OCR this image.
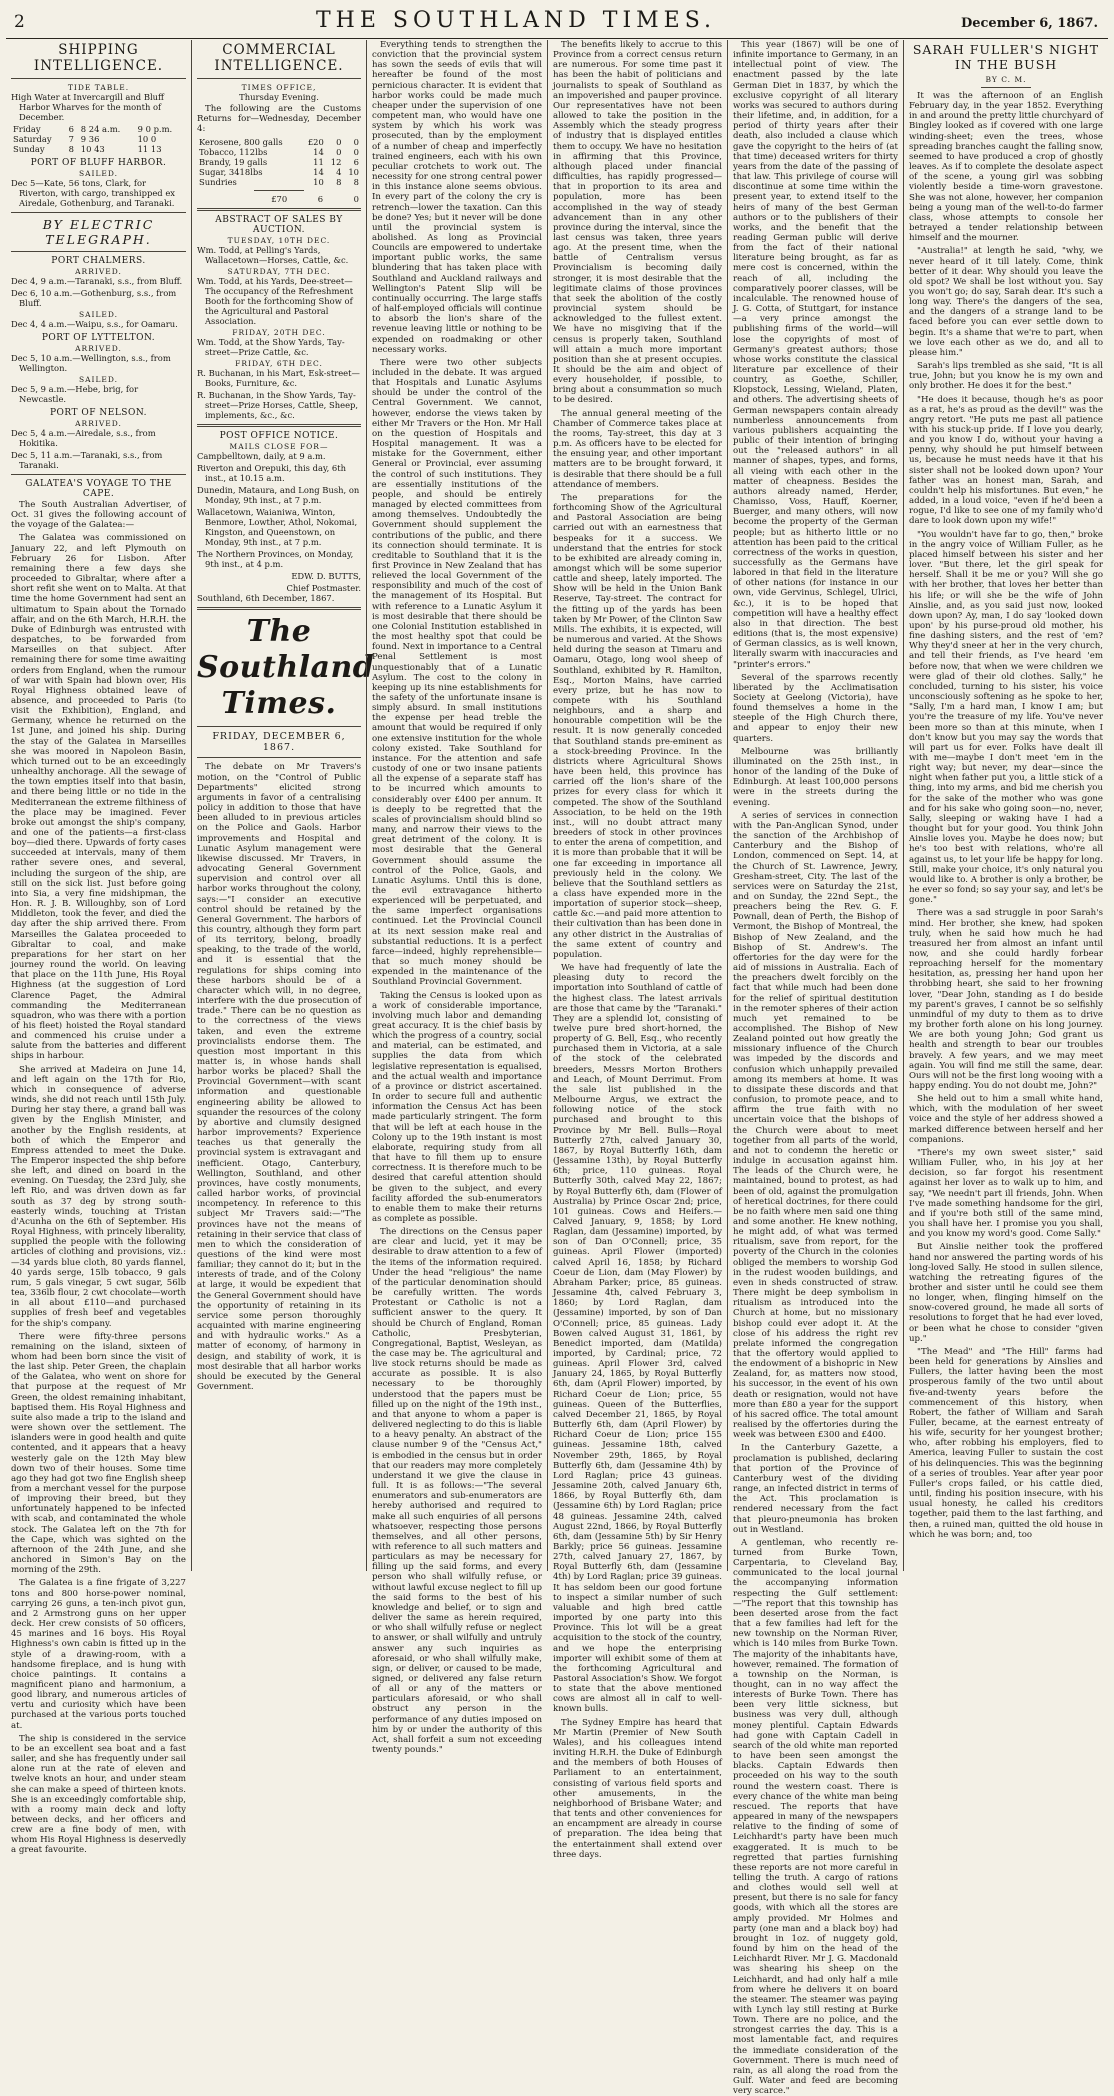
2	THE SOUTHLAND TIMES.	December 6, 1867.
SHIPPING INTELLIGENCE.
TIDE TABLE.

High Water at Invercargill and Bluff Harbor Wharves for the month of December.

Friday	6	8 24 a.m.	9 0 p.m.
Saturday	7	9 36	10 0
Sunday	8	10 43	11 13
PORT OF BLUFF HARBOR.
SAILED.

Dec 5—Kate, 56 tons, Clark, for Riverton, with cargo, transhipped ex Airedale, Gothenburg, and Taranaki.

BY ELECTRIC TELEGRAPH.
PORT CHALMERS.
ARRIVED.

Dec 4, 9 a.m.—Taranaki, s.s., from Bluff.

Dec 6, 10 a.m.—Gothenburg, s.s., from Bluff.

SAILED.

Dec 4, 4 a.m.—Waipu, s.s., for Oamaru.

PORT OF LYTTELTON.
ARRIVED.

Dec 5, 10 a.m.—Wellington, s.s., from Wellington.

SAILED.

Dec 5, 9 a.m.—Hebe, brig, for Newcastle.

PORT OF NELSON.
ARRIVED.

Dec 5, 4 a.m.—Airedale, s.s., from Hokitika.

Dec 5, 11 a.m.—Taranaki, s.s., from Taranaki.

GALATEA'S VOYAGE TO THE CAPE.

The South Australian Advertiser, of Oct. 31 gives the following account of the voyage of the Galatea:—

The Galatea was commissioned on January 22, and left Plymouth on February 26 for Lisbon. After remaining there a few days she proceeded to Gibraltar, where after a short refit she went on to Malta. At that time the home Government had sent an ultimatum to Spain about the Tornado affair, and on the 6th March, H.R.H. the Duke of Edinburgh was entrusted with despatches, to be forwarded from Marseilles on that subject. After remaining there for some time awaiting orders from England, when the rumour of war with Spain had blown over, His Royal Highness obtained leave of absence, and proceeded to Paris (to visit the Exhibition), England, and Germany, whence he returned on the 1st June, and joined his ship. During the stay of the Galatea in Marseilles she was moored in Napoleon Basin, which turned out to be an exceedingly unhealthy anchorage. All the sewage of the town empties itself into that basin, and there being little or no tide in the Mediterranean the extreme filthiness of the place may be imagined. Fever broke out amongst the ship's company, and one of the patients—a first-class boy—died there. Upwards of forty cases succeeded at intervals, many of them rather severe ones, and several, including the surgeon of the ship, are still on the sick list. Just before going into Sia, a very fine midshipman, the Hon. R. J. B. Willoughby, son of Lord Middleton, took the fever, and died the day after the ship arrived there. From Marseilles the Galatea proceeded to Gibraltar to coal, and make preparations for her start on her journey round the world. On leaving that place on the 11th June, His Royal Highness (at the suggestion of Lord Clarence Paget, the Admiral commanding the Mediterranean squadron, who was there with a portion of his fleet) hoisted the Royal standard and commenced his cruise under a salute from the batteries and different ships in harbour.

She arrived at Madeira on June 14, and left again on the 17th for Rio, which in consequence of adverse winds, she did not reach until 15th July. During her stay there, a grand ball was given by the English Minister, and another by the English residents, at both of which the Emperor and Empress attended to meet the Duke. The Emperor inspected the ship before she left, and dined on board in the evening. On Tuesday, the 23rd July, she left Rio, and was driven down as far south as 37 deg by strong south-easterly winds, touching at Tristan d'Acunha on the 6th of September. His Royal Highness, with princely liberality, supplied the people with the following articles of clothing and provisions, viz.:—34 yards blue cloth, 80 yards flannel, 40 yards serge, 15lb tobacco, 9 gals rum, 5 gals vinegar, 5 cwt sugar, 56lb tea, 336lb flour, 2 cwt chocolate—worth in all about £110—and purchased supplies of fresh beef and vegetables for the ship's company.

There were fifty-three persons remaining on the island, sixteen of whom had been born since the visit of the last ship. Peter Green, the chaplain of the Galatea, who went on shore for that purpose at the request of Mr Green, the oldest remaining inhabitant, baptised them. His Royal Highness and suite also made a trip to the island and were shown over the settlement. The islanders were in good health and quite contented, and it appears that a heavy westerly gale on the 12th May blew down two of their houses. Some time ago they had got two fine English sheep from a merchant vessel for the purpose of improving their breed, but they unfortunately happened to be infected with scab, and contaminated the whole stock. The Galatea left on the 7th for the Cape, which was sighted on the afternoon of the 24th June, and she anchored in Simon's Bay on the morning of the 29th.

The Galatea is a fine frigate of 3,227 tons and 800 horse-power nominal, carrying 26 guns, a ten-inch pivot gun, and 2 Armstrong guns on her upper deck. Her crew consists of 50 officers, 45 marines and 16 boys. His Royal Highness's own cabin is fitted up in the style of a drawing-room, with a handsome fireplace, and is hung with choice paintings. It contains a magnificent piano and harmonium, a good library, and numerous articles of vertu and curiosity which have been purchased at the various ports touched at.

The ship is considered in the service to be an excellent sea boat and a fast sailer, and she has frequently under sail alone run at the rate of eleven and twelve knots an hour, and under steam she can make a speed of thirteen knots. She is an exceedingly comfortable ship, with a roomy main deck and lofty between decks, and her officers and crew are a fine body of men, with whom His Royal Highness is deservedly a great favourite.

COMMERCIAL INTELLIGENCE.
TIMES OFFICE,

Thursday Evening.

The following are the Customs Returns for—Wednesday, December 4:

Kerosene, 800 galls	£20	0	0
Tobacco, 112lbs	14	0	0
Brandy, 19 galls	11	12	6
Sugar, 3418lbs	14	4	10
Sundries	10	8	8
	£70	6	0
ABSTRACT OF SALES BY AUCTION.
TUESDAY, 10TH DEC.

Wm. Todd, at Pelling's Yards, Wallacetown—Horses, Cattle, &c.

SATURDAY, 7TH DEC.

Wm. Todd, at his Yards, Dee-street—The occupancy of the Refreshment Booth for the forthcoming Show of the Agricultural and Pastoral Association.

FRIDAY, 20TH DEC.

Wm. Todd, at the Show Yards, Tay-street—Prize Cattle, &c.

FRIDAY, 6TH DEC.

R. Buchanan, in his Mart, Esk-street—Books, Furniture, &c.

R. Buchanan, in the Show Yards, Tay-street—Prize Horses, Cattle, Sheep, implements, &c., &c.

POST OFFICE NOTICE.
MAILS CLOSE FOR—

Campbelltown, daily, at 9 a.m.

Riverton and Orepuki, this day, 6th inst., at 10.15 a.m.

Dunedin, Mataura, and Long Bush, on Monday, 9th inst., at 7 p.m.

Wallacetown, Waianiwa, Winton, Benmore, Lowther, Athol, Nokomai, Kingston, and Queenstown, on Monday, 9th inst., at 7 p.m.

The Northern Provinces, on Monday, 9th inst., at 4 p.m.

EDW. D. BUTTS,
Chief Postmaster.

Southland, 6th December, 1867.

The Southland Times.
FRIDAY, DECEMBER 6, 1867.

The debate on Mr Travers's motion, on the "Control of Public Departments" elicited strong arguments in favor of a centralising policy in addition to those that have been alluded to in previous articles on the Police and Gaols. Harbor improvements and Hospital and Lunatic Asylum management were likewise discussed. Mr Travers, in advocating General Government supervision and control over all harbor works throughout the colony, says:—"I consider an executive control should be retained by the General Government. The harbors of this country, although they form part of its territory, belong, broadly speaking, to the trade of the world, and it is essential that the regulations for ships coming into these harbors should be of a character which will, in no degree, interfere with the due prosecution of trade." There can be no question as to the correctness of the views taken, and even the extreme provincialists endorse them. The question most important in this matter is, in whose hands shall harbor works be placed? Shall the Provincial Government—with scant information and questionable engineering ability be allowed to squander the resources of the colony by abortive and clumsily designed harbor improvements? Experience teaches us that generally the provincial system is extravagant and inefficient. Otago, Canterbury, Wellington, Southland, and other provinces, have costly monuments, called harbor works, of provincial incompetency. In reference to this subject Mr Travers said:—"The provinces have not the means of retaining in their service that class of men to which the consideration of questions of the kind were most familiar; they cannot do it; but in the interests of trade, and of the Colony at large, it would be expedient that the General Government should have the opportunity of retaining in its service some person thoroughly acquainted with marine engineering and with hydraulic works." As a matter of economy, of harmony in design, and stability of work, it is most desirable that all harbor works should be executed by the General Government.

Everything tends to strengthen the conviction that the provincial system has sown the seeds of evils that will hereafter be found of the most pernicious character. It is evident that harbor works could be made much cheaper under the supervision of one competent man, who would have one system by which his work was prosecuted, than by the employment of a number of cheap and imperfectly trained engineers, each with his own peculiar crotchets to work out. The necessity for one strong central power in this instance alone seems obvious. In every part of the colony the cry is retrench—lower the taxation. Can this be done? Yes; but it never will be done until the provincial system is abolished. As long as Provincial Councils are empowered to undertake important public works, the same blundering that has taken place with Southland and Auckland railways and Wellington's Patent Slip will be continually occurring. The large staffs of half-employed officials will continue to absorb the lion's share of the revenue leaving little or nothing to be expended on roadmaking or other necessary works.

There were two other subjects included in the debate. It was argued that Hospitals and Lunatic Asylums should be under the control of the Central Government. We cannot, however, endorse the views taken by either Mr Travers or the Hon. Mr Hall on the question of Hospitals and Hospital management. It was a mistake for the Government, either General or Provincial, ever assuming the control of such institutions. They are essentially institutions of the people, and should be entirely managed by elected committees from among themselves. Undoubtedly the Government should supplement the contributions of the public, and there its connection should terminate. It is creditable to Southland that it is the first Province in New Zealand that has relieved the local Government of the responsibility and much of the cost of the management of its Hospital. But with reference to a Lunatic Asylum it is most desirable that there should be one Colonial Institution established in the most healthy spot that could be found. Next in importance to a Central Penal Settlement is most unquestionably that of a Lunatic Asylum. The cost to the colony in keeping up its nine establishments for the safety of the unfortunate insane is simply absurd. In small institutions the expense per head treble the amount that would be required if only one extensive institution for the whole colony existed. Take Southland for instance. For the attention and safe custody of one or two insane patients all the expense of a separate staff has to be incurred which amounts to considerably over £400 per annum. It is deeply to be regretted that the scales of provincialism should blind so many, and narrow their views to the great detriment of the colony. It is most desirable that the General Government should assume the control of the Police, Gaols, and Lunatic Asylums. Until this is done, the evil extravagance hitherto experienced will be perpetuated, and the same imperfect organisations continued. Let the Provincial Council at its next session make real and substantial reductions. It is a perfect farce—indeed, highly reprehensible—that so much money should be expended in the maintenance of the Southland Provincial Government.

Taking the Census is looked upon as a work of considerable importance, involving much labor and demanding great accuracy. It is the chief basis by which the progress of a country, social and material, can be estimated, and supplies the data from which legislative representation is equalised, and the actual wealth and importance of a province or district ascertained. In order to secure full and authentic information the Census Act has been made particularly stringent. The form that will be left at each house in the Colony up to the 19th instant is most elaborate, requiring study from all that have to fill them up to ensure correctness. It is therefore much to be desired that careful attention should be given to the subject, and every facility afforded the sub-enumerators to enable them to make their returns as complete as possible.

The directions on the Census paper are clear and lucid, yet it may be desirable to draw attention to a few of the items of the information required. Under the head "religious" the name of the particular denomination should be carefully written. The words Protestant or Catholic is not a sufficient answer to the query. It should be Church of England, Roman Catholic, Presbyterian, Congregational, Baptist, Wesleyan, as the case may be. The agricultural and live stock returns should be made as accurate as possible. It is also necessary to be thoroughly understood that the papers must be filled up on the night of the 19th inst., and that anyone to whom a paper is delivered neglecting to do this is liable to a heavy penalty. An abstract of the clause number 9 of the "Census Act," is embodied in the census but in order that our readers may more completely understand it we give the clause in full. It is as follows:—"The several enumerators and sub-enumerators are hereby authorised and required to make all such enquiries of all persons whatsoever, respecting those persons themselves, and all other persons, with reference to all such matters and particulars as may be necessary for filling up the said forms, and every person who shall wilfully refuse, or without lawful excuse neglect to fill up the said forms to the best of his knowledge and belief, or to sign and deliver the same as herein required, or who shall wilfully refuse or neglect to answer, or shall wilfully and untruly answer any such inquiries as aforesaid, or who shall wilfully make, sign, or deliver, or caused to be made, signed, or delivered any false return of all or any of the matters or particulars aforesaid, or who shall obstruct any person in the performance of any duties imposed on him by or under the authority of this Act, shall forfeit a sum not exceeding twenty pounds."

The benefits likely to accrue to this Province from a correct census return are numerous. For some time past it has been the habit of politicians and journalists to speak of Southland as an impoverished and pauper province. Our representatives have not been allowed to take the position in the Assembly which the steady progress of industry that is displayed entitles them to occupy. We have no hesitation in affirming that this Province, although placed under financial difficulties, has rapidly progressed—that in proportion to its area and population, more has been accomplished in the way of steady advancement than in any other province during the interval, since the last census was taken, three years ago. At the present time, when the battle of Centralism versus Provincialism is becoming daily stronger, it is most desirable that the legitimate claims of those provinces that seek the abolition of the costly provincial system should be acknowledged to the fullest extent. We have no misgiving that if the census is properly taken, Southland will attain a much more important position than she at present occupies. It should be the aim and object of every householder, if possible, to bring about a consummation so much to be desired.

The annual general meeting of the Chamber of Commerce takes place at the rooms, Tay-street, this day at 3 p.m. As officers have to be elected for the ensuing year, and other important matters are to be brought forward, it is desirable that there should be a full attendance of members.

The preparations for the forthcoming Show of the Agricultural and Pastoral Association are being carried out with an earnestness that bespeaks for it a success. We understand that the entries for stock to be exhibited are already coming in, amongst which will be some superior cattle and sheep, lately imported. The Show will be held in the Union Bank Reserve, Tay-street. The contract for the fitting up of the yards has been taken by Mr Power, of the Clinton Saw Mills. The exhibits, it is expected, will be numerous and varied. At the Shows held during the season at Timaru and Oamaru, Otago, long wool sheep of Southland, exhibited by R. Hamilton, Esq., Morton Mains, have carried every prize, but he has now to compete with his Southland neighbours, and a sharp and honourable competition will be the result. It is now generally conceded that Southland stands pre-eminent as a stock-breeding Province. In the districts where Agricultural Shows have been held, this province has carried off the lion's share of the prizes for every class for which it competed. The show of the Southland Association, to be held on the 19th inst., will no doubt attract many breeders of stock in other provinces to enter the arena of competition, and it is more than probable that it will be one far exceeding in importance all previously held in the colony. We believe that the Southland settlers as a class have expended more in the importation of superior stock—sheep, cattle &c.—and paid more attention to their cultivation than has been done in any other district in the Australias of the same extent of country and population.

We have had frequently of late the pleasing duty to record the importation into Southland of cattle of the highest class. The latest arrivals are those that came by the "Taranaki." They are a splendid lot, consisting of twelve pure bred short-horned, the property of G. Bell, Esq., who recently purchased them in Victoria, at a sale of the stock of the celebrated breeders, Messrs Morton Brothers and Leach, of Mount Derrimut. From the sale list published in the Melbourne Argus, we extract the following notice of the stock purchased and brought to this Province by Mr Bell. Bulls—Royal Butterfly 27th, calved January 30, 1867, by Royal Butterfly 16th, dam (Jessamine 13th), by Royal Butterfly 6th; price, 110 guineas. Royal Butterfly 30th, calved May 22, 1867; by Royal Butterfly 6th, dam (Flower of Australia) by Prince Oscar 2nd; price, 101 guineas. Cows and Heifers.—Calved January, 9, 1858; by Lord Raglan, dam (Jessamine) imported, by son of Dan O'Connell; price, 35 guineas. April Flower (imported) calved April 16, 1858; by Richard Coeur de Lion, dam (May Flower) by Abraham Parker; price, 85 guineas. Jessamine 4th, calved February 3, 1860; by Lord Raglan, dam (Jessamine) imported, by son of Dan O'Connell; price, 85 guineas. Lady Bowen calved August 31, 1861, by Benedict imported, dam (Matilda) imported, by Cardinal; price, 72 guineas. April Flower 3rd, calved January 24, 1865, by Royal Butterfly 6th, dam (April Flower) imported, by Richard Coeur de Lion; price, 55 guineas. Queen of the Butterflies, calved December 21, 1865, by Royal Butterfly 6th, dam (April Flower) by Richard Coeur de Lion; price 155 guineas. Jessamine 18th, calved November 29th, 1865, by Royal Butterfly 6th, dam (Jessamine 4th) by Lord Raglan; price 43 guineas. Jessamine 20th, calved January 6th, 1866, by Royal Butterfly 6th, dam (Jessamine 6th) by Lord Raglan; price 48 guineas. Jessamine 24th, calved August 22nd, 1866, by Royal Butterfly 6th, dam (Jessamine 5th) by Sir Henry Barkly; price 56 guineas. Jessamine 27th, calved January 27, 1867, by Royal Butterfly 6th, dam (Jessamine 4th) by Lord Raglan; price 39 guineas. It has seldom been our good fortune to inspect a similar number of such valuable and high bred cattle imported by one party into this Province. This lot will be a great acquisition to the stock of the country, and we hope the enterprising importer will exhibit some of them at the forthcoming Agricultural and Pastoral Association's Show. We forgot to state that the above mentioned cows are almost all in calf to well-known bulls.

The Sydney Empire has heard that Mr Martin (Premier of New South Wales), and his colleagues intend inviting H.R.H. the Duke of Edinburgh and the members of both Houses of Parliament to an entertainment, consisting of various field sports and other amusements, in the neighborhood of Brisbane Water; and that tents and other conveniences for an encampment are already in course of preparation. The idea being that the entertainment shall extend over three days.

This year (1867) will be one of infinite importance to Germany, in an intellectual point of view. The enactment passed by the late German Diet in 1837, by which the exclusive copyright of all literary works was secured to authors during their lifetime, and, in addition, for a period of thirty years after their death, also included a clause which gave the copyright to the heirs of (at that time) deceased writers for thirty years from the date of the passing of that law. This privilege of course will discontinue at some time within the present year, to extend itself to the heirs of many of the best German authors or to the publishers of their works, and the benefit that the reading German public will derive from the fact of their national literature being brought, as far as mere cost is concerned, within the reach of all, including the comparatively poorer classes, will be incalculable. The renowned house of J. G. Cotta, of Stuttgart, for instance—a very prince amongst the publishing firms of the world—will lose the copyrights of most of Germany's greatest authors; those whose works constitute the classical literature par excellence of their country, as Goethe, Schiller, Klopstock, Lessing, Wieland, Platen, and others. The advertising sheets of German newspapers contain already numberless announcements from various publishers acquainting the public of their intention of bringing out the "released authors" in all manner of shapes, types, and forms, all vieing with each other in the matter of cheapness. Besides the authors already named, Herder, Chamisso, Voss, Hauff, Koerner, Buerger, and many others, will now become the property of the German people; but as hitherto little or no attention has been paid to the critical correctness of the works in question, successfully as the Germans have labored in that field in the literature of other nations (for instance in our own, vide Gervinus, Schlegel, Ulrici, &c.), it is to be hoped that competition will have a healthy effect also in that direction. The best editions (that is, the most expensive) of German classics, as is well known, literally swarm with inaccuracies and "printer's errors."

Several of the sparrows recently liberated by the Acclimatisation Society at Geelong (Victoria), have found themselves a home in the steeple of the High Church there, and appear to enjoy their new quarters.

Melbourne was brilliantly illuminated on the 25th inst., in honor of the landing of the Duke of Edinburgh. At least 100,000 persons were in the streets during the evening.

A series of services in connection with the Pan-Anglican Synod, under the sanction of the Archbishop of Canterbury and the Bishop of London, commenced on Sept. 14, at the Church of St. Lawrence, Jewry, Gresham-street, City. The last of the services were on Saturday the 21st, and on Sunday, the 22nd Sept., the preachers being the Rev. G. F. Pownall, dean of Perth, the Bishop of Vermont, the Bishop of Montreal, the Bishop of New Zealand, and the Bishop of St. Andrew's. The offertories for the day were for the aid of missions in Australia. Each of the preachers dwelt forcibly on the fact that while much had been done for the relief of spiritual destitution in the remoter spheres of their action much yet remained to be accomplished. The Bishop of New Zealand pointed out how greatly the missionary influence of the Church was impeded by the discords and confusion which unhappily prevailed among its members at home. It was to dissipate these discords and that confusion, to promote peace, and to affirm the true faith with no uncertain voice that the bishops of the Church were about to meet together from all parts of the world, and not to condemn the heretic or indulge in accusation against him. The leads of the Church were, he maintained, bound to protest, as had been of old, against the promulgation of heretical doctrines, for there could be no faith where men said one thing and some another. He knew nothing, he might add, of what was termed ritualism, save from report, for the poverty of the Church in the colonies obliged the members to worship God in the rudest wooden buildings, and even in sheds constructed of straw. There might be deep symbolism in ritualism as introduced into the Church at home, but no missionary bishop could ever adopt it. At the close of his address the right rev prelate informed the congregation that the offertory would applied to the endowment of a bishopric in New Zealand, for, as matters now stood, his successor, in the event of his own death or resignation, would not have more than £80 a year for the support of his sacred office. The total amount realised by the offertories during the week was between £300 and £400.

In the Canterbury Gazette, a proclamation is published, declaring that portion of the Province of Canterbury west of the dividing range, an infected district in terms of the Act. This proclamation is rendered necessary from the fact that pleuro-pneumonia has broken out in Westland.

A gentleman, who recently re-turned from Burke Town, Carpentaria, to Cleveland Bay, communicated to the local journal the accompanying information respecting the Gulf settlement:—"The report that this township has been deserted arose from the fact that a few families had left for the new township on the Norman River, which is 140 miles from Burke Town. The majority of the inhabitants have, however, remained. The formation of a township on the Norman, is thought, can in no way affect the interests of Burke Town. There has been very little sickness, but business was very dull, although money plentiful. Captain Edwards had gone with Captain Cadell in search of the old white man reported to have been seen amongst the blacks. Captain Edwards then proceeded on his way to the south round the western coast. There is every chance of the white man being rescued. The reports that have appeared in many of the newspapers relative to the finding of some of Leichhardt's party have been much exaggerated. It is much to be regretted that parties furnishing these reports are not more careful in telling the truth. A cargo of rations and clothes would sell well at present, but there is no sale for fancy goods, with which all the stores are amply provided. Mr Holmes and party (one man and a black boy) had brought in 1oz. of nuggety gold, found by him on the head of the Leichhardt River. Mr J. G. Macdonald was shearing his sheep on the Leichhardt, and had only half a mile from where he delivers it on board the steamer. The steamer was paying with Lynch lay still resting at Burke Town. There are no police, and the strongest carries the day. This is a most lamentable fact, and requires the immediate consideration of the Government. There is much need of rain, as all along the road from the Gulf. Water and feed are becoming very scarce."

SARAH FULLER'S NIGHT IN THE BUSH
BY C. M.

It was the afternoon of an English February day, in the year 1852. Everything in and around the pretty little churchyard of Bingley looked as if covered with one large winding-sheet; even the trees, whose spreading branches caught the falling snow, seemed to have produced a crop of ghostly leaves. As if to complete the desolate aspect of the scene, a young girl was sobbing violently beside a time-worn gravestone. She was not alone, however, her companion being a young man of the well-to-do farmer class, whose attempts to console her betrayed a tender relationship between himself and the mourner.

"Australia!" at length he said, "why, we never heard of it till lately. Come, think better of it dear. Why should you leave the old spot? We shall be lost without you. Say you won't go; do say, Sarah dear. It's such a long way. There's the dangers of the sea, and the dangers of a strange land to be faced before you can ever settle down to begin. It's a shame that we're to part, when we love each other as we do, and all to please him."

Sarah's lips trembled as she said, "It is all true, John; but you know he is my own and only brother. He does it for the best."

"He does it because, though he's as poor as a rat, he's as proud as the devil!" was the angry retort. "He puts me past all patience with his stuck-up pride. If I love you dearly, and you know I do, without your having a penny, why should he put himself between us, because he must needs have it that his sister shall not be looked down upon? Your father was an honest man, Sarah, and couldn't help his misfortunes. But even," he added, in a loud voice, "even if he'd been a rogue, I'd like to see one of my family who'd dare to look down upon my wife!"

"You wouldn't have far to go, then," broke in the angry voice of William Fuller, as he placed himself between his sister and her lover. "But there, let the girl speak for herself. Shall it be me or you? Will she go with her brother, that loves her better than his life; or will she be the wife of John Ainslie, and, as you said just now, looked down upon? Ay, man, I do say 'looked down upon' by his purse-proud old mother, his fine dashing sisters, and the rest of 'em? Why they'd sneer at her in the very church, and tell their friends, as I've heard 'em before now, that when we were children we were glad of their old clothes. Sally," he concluded, turning to his sister, his voice unconsciously softening as he spoke to her, "Sally, I'm a hard man, I know I am; but you're the treasure of my life. You've never been more so than at this minute, when I don't know but you may say the words that will part us for ever. Folks have dealt ill with me—maybe I don't meet 'em in the right way; but never, my dear—since the night when father put you, a little stick of a thing, into my arms, and bid me cherish you for the sake of the mother who was gone and for his sake who going soon—no, never, Sally, sleeping or waking have I had a thought but for your good. You think John Ainslie loves you. Maybe he does now; but he's too best with relations, who're all against us, to let your life be happy for long. Still, make your choice, it's only natural you would like to. A brother is only a brother, be he ever so fond; so say your say, and let's be gone."

There was a sad struggle in poor Sarah's mind. Her brother, she knew, had spoken truly, when he said how much he had treasured her from almost an infant until now, and she could hardly forbear reproaching herself for the momentary hesitation, as, pressing her hand upon her throbbing heart, she said to her frowning lover, "Dear John, standing as I do beside my parent's graves, I cannot be so selfishly unmindful of my duty to them as to drive my brother forth alone on his long journey. We are both young John; God grant us health and strength to bear our troubles bravely. A few years, and we may meet again. You will find me still the same, dear. Ours will not be the first long wooing with a happy ending. You do not doubt me, John?"

She held out to him a small white hand, which, with the modulation of her sweet voice and the style of her address showed a marked difference between herself and her companions.

"There's my own sweet sister," said William Fuller, who, in his joy at her decision, so far forgot his resentment against her lover as to walk up to him, and say, "We needn't part ill friends, John. When I've made something handsome for the girl, and if you're both still of the same mind, you shall have her. I promise you you shall, and you know my word's good. Come Sally."

But Ainslie neither took the proffered hand nor answered the parting words of his long-loved Sally. He stood in sullen silence, watching the retreating figures of the brother and sister until he could see them no longer, when, flinging himself on the snow-covered ground, he made all sorts of resolutions to forget that he had ever loved, or been what he chose to consider "given up."

"The Mead" and "The Hill" farms had been held for generations by Ainslies and Fullers, the latter having been the most prosperous family of the two until about five-and-twenty years before the commencement of this history, when Robert, the father of William and Sarah Fuller, became, at the earnest entreaty of his wife, security for her youngest brother; who, after robbing his employers, fled to America, leaving Fuller to sustain the cost of his delinquencies. This was the beginning of a series of troubles. Year after year poor Fuller's crops failed, or his cattle died, until, finding his position insecure, with his usual honesty, he called his creditors together, paid them to the last farthing, and then, a ruined man, quitted the old house in which he was born; and, too
